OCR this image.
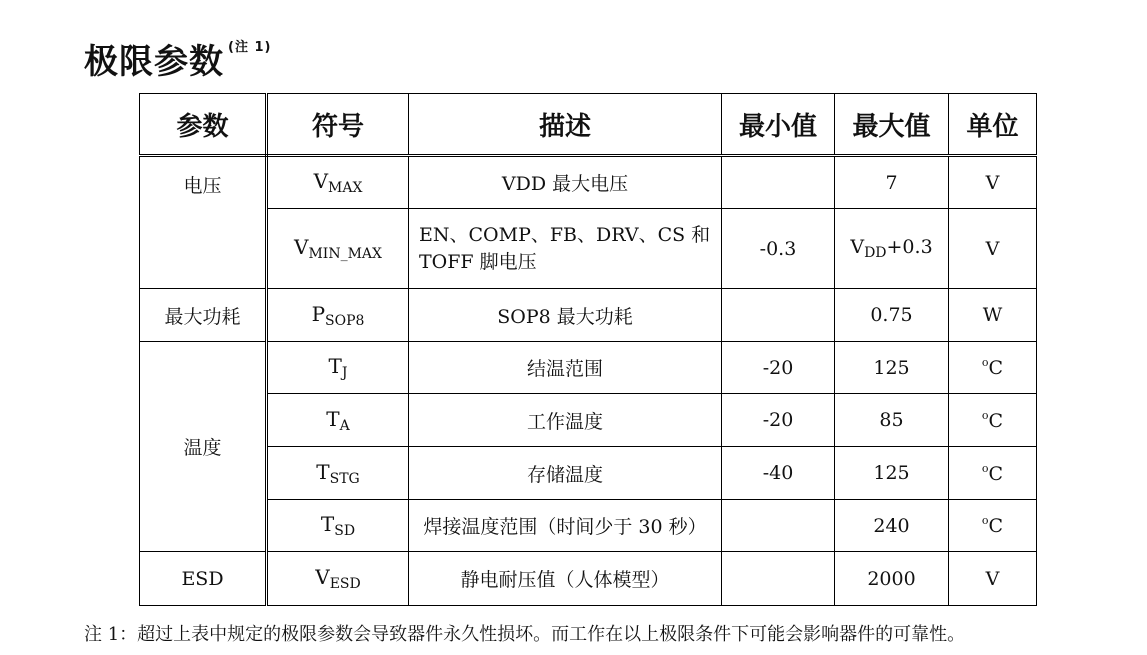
极限参数 $^{(注 1)}$
参数	符号	描述	最小值	最大值	单位
电压	$V_{MAX}$	VDD 最大电压		7	V
	$V_{MIN\_MAX}$	EN、COMP、FB、DRV、CS 和 TOFF 脚电压	-0.3	$V_{DD}+0.3$	V
最大功耗	$P_{SOP8}$	SOP8 最大功耗		0.75	W
温度	$T_J$	结温范围	-20	125	$^o$C
	$T_A$	工作温度	-20	85	$^o$C
	$T_{STG}$	存储温度	-40	125	$^o$C
	$T_{SD}$	焊接温度范围（时间少于 30 秒）		240	$^o$C
ESD	$V_{ESD}$	静电耐压值（人体模型）		2000	V
注 1：超过上表中规定的极限参数会导致器件永久性损坏。而工作在以上极限条件下可能会影响器件的可靠性。
